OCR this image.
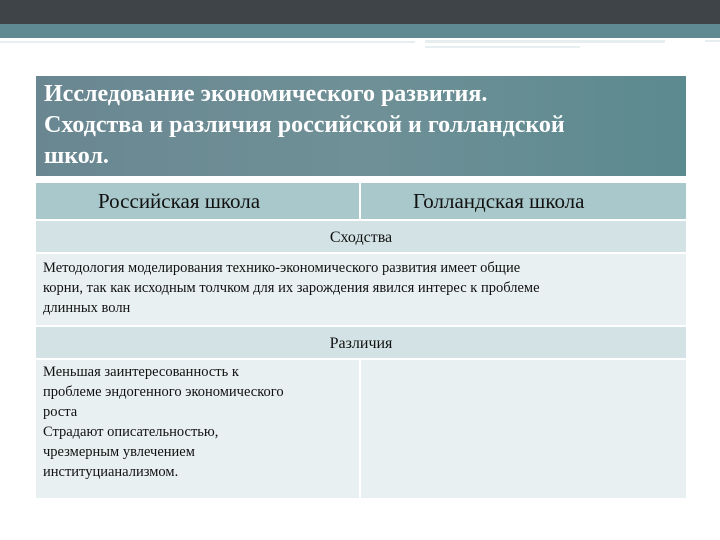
Исследование экономического развития.
Сходства и различия российской и голландской
школ.
Российская школа	Голландская школа
Сходства
Методология моделирования технико-экономического развития имеет общие
корни, так как исходным толчком для их зарождения явился интерес к проблеме
длинных волн
Различия
Меньшая заинтересованность к
проблеме эндогенного экономического
роста
Страдают описательностью,
чрезмерным увлечением
институцианализмом.
